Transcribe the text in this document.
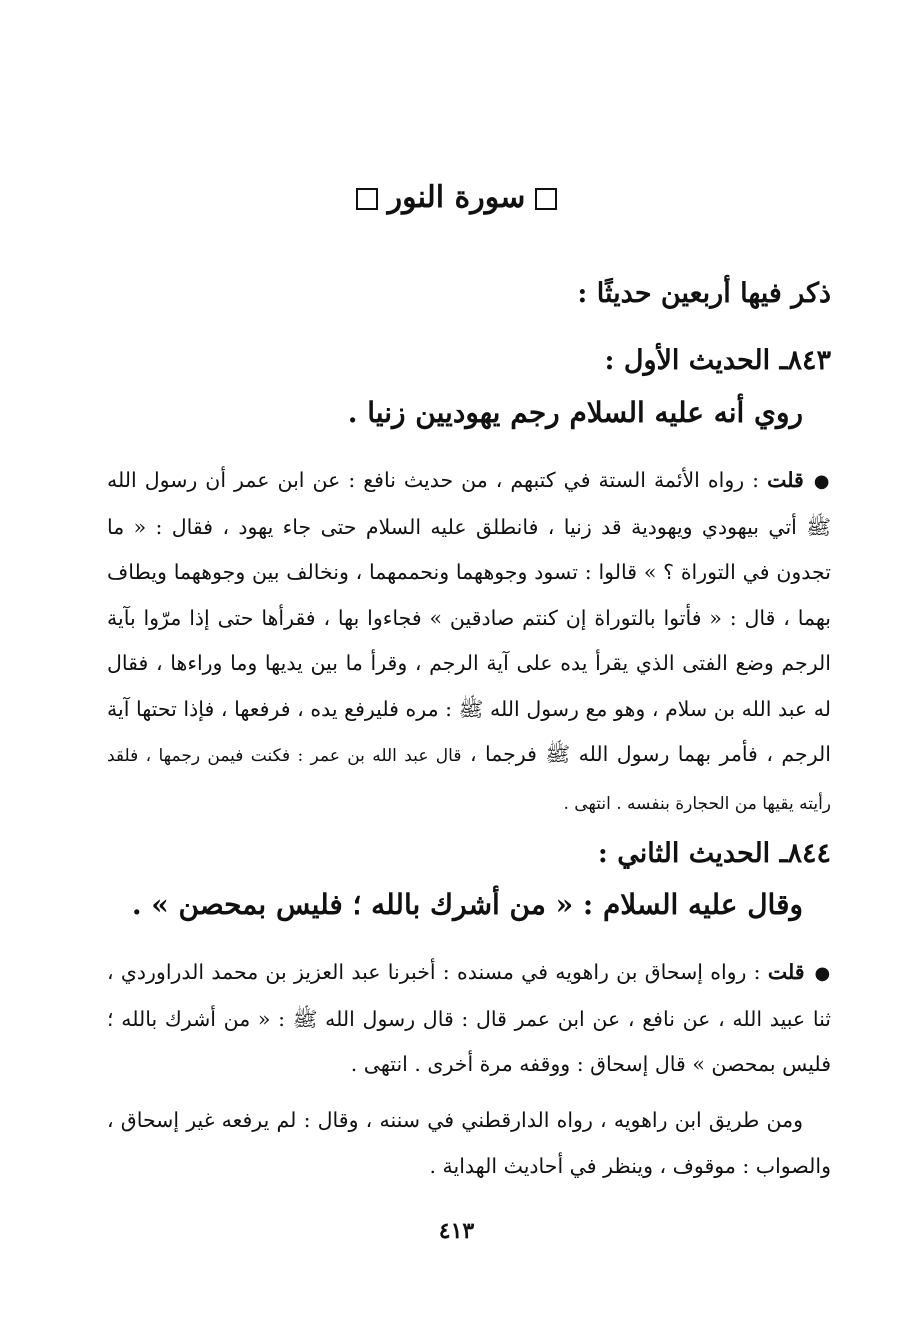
سورة النور
ذكر فيها أربعين حديثًا :
٨٤٣ـ الحديث الأول :
روي أنه عليه السلام رجم يهوديين زنيا .
●قلت : رواه الأئمة الستة في كتبهم ، من حديث نافع : عن ابن عمر أن رسول الله ﷺ أتي بيهودي ويهودية قد زنيا ، فانطلق عليه السلام حتى جاء يهود ، فقال : « ما تجدون في التوراة ؟ » قالوا : تسود وجوههما ونحممهما ، ونخالف بين وجوههما ويطاف بهما ، قال : « فأتوا بالتوراة إن كنتم صادقين » فجاءوا بها ، فقرأها حتى إذا مرّوا بآية الرجم وضع الفتى الذي يقرأ يده على آية الرجم ، وقرأ ما بين يديها وما وراءها ، فقال له عبد الله بن سلام ، وهو مع رسول الله ﷺ : مره فليرفع يده ، فرفعها ، فإذا تحتها آية الرجم ، فأمر بهما رسول الله ﷺ فرجما ، قال عبد الله بن عمر : فكنت فيمن رجمها ، فلقد رأيته يقيها من الحجارة بنفسه . انتهى .
٨٤٤ـ الحديث الثاني :
وقال عليه السلام : « من أشرك بالله ؛ فليس بمحصن » .
●قلت : رواه إسحاق بن راهويه في مسنده : أخبرنا عبد العزيز بن محمد الدراوردي ، ثنا عبيد الله ، عن نافع ، عن ابن عمر قال : قال رسول الله ﷺ : « من أشرك بالله ؛ فليس بمحصن » قال إسحاق : ووقفه مرة أخرى . انتهى .
ومن طريق ابن راهويه ، رواه الدارقطني في سننه ، وقال : لم يرفعه غير إسحاق ، والصواب : موقوف ، وينظر في أحاديث الهداية .
٤١٣
